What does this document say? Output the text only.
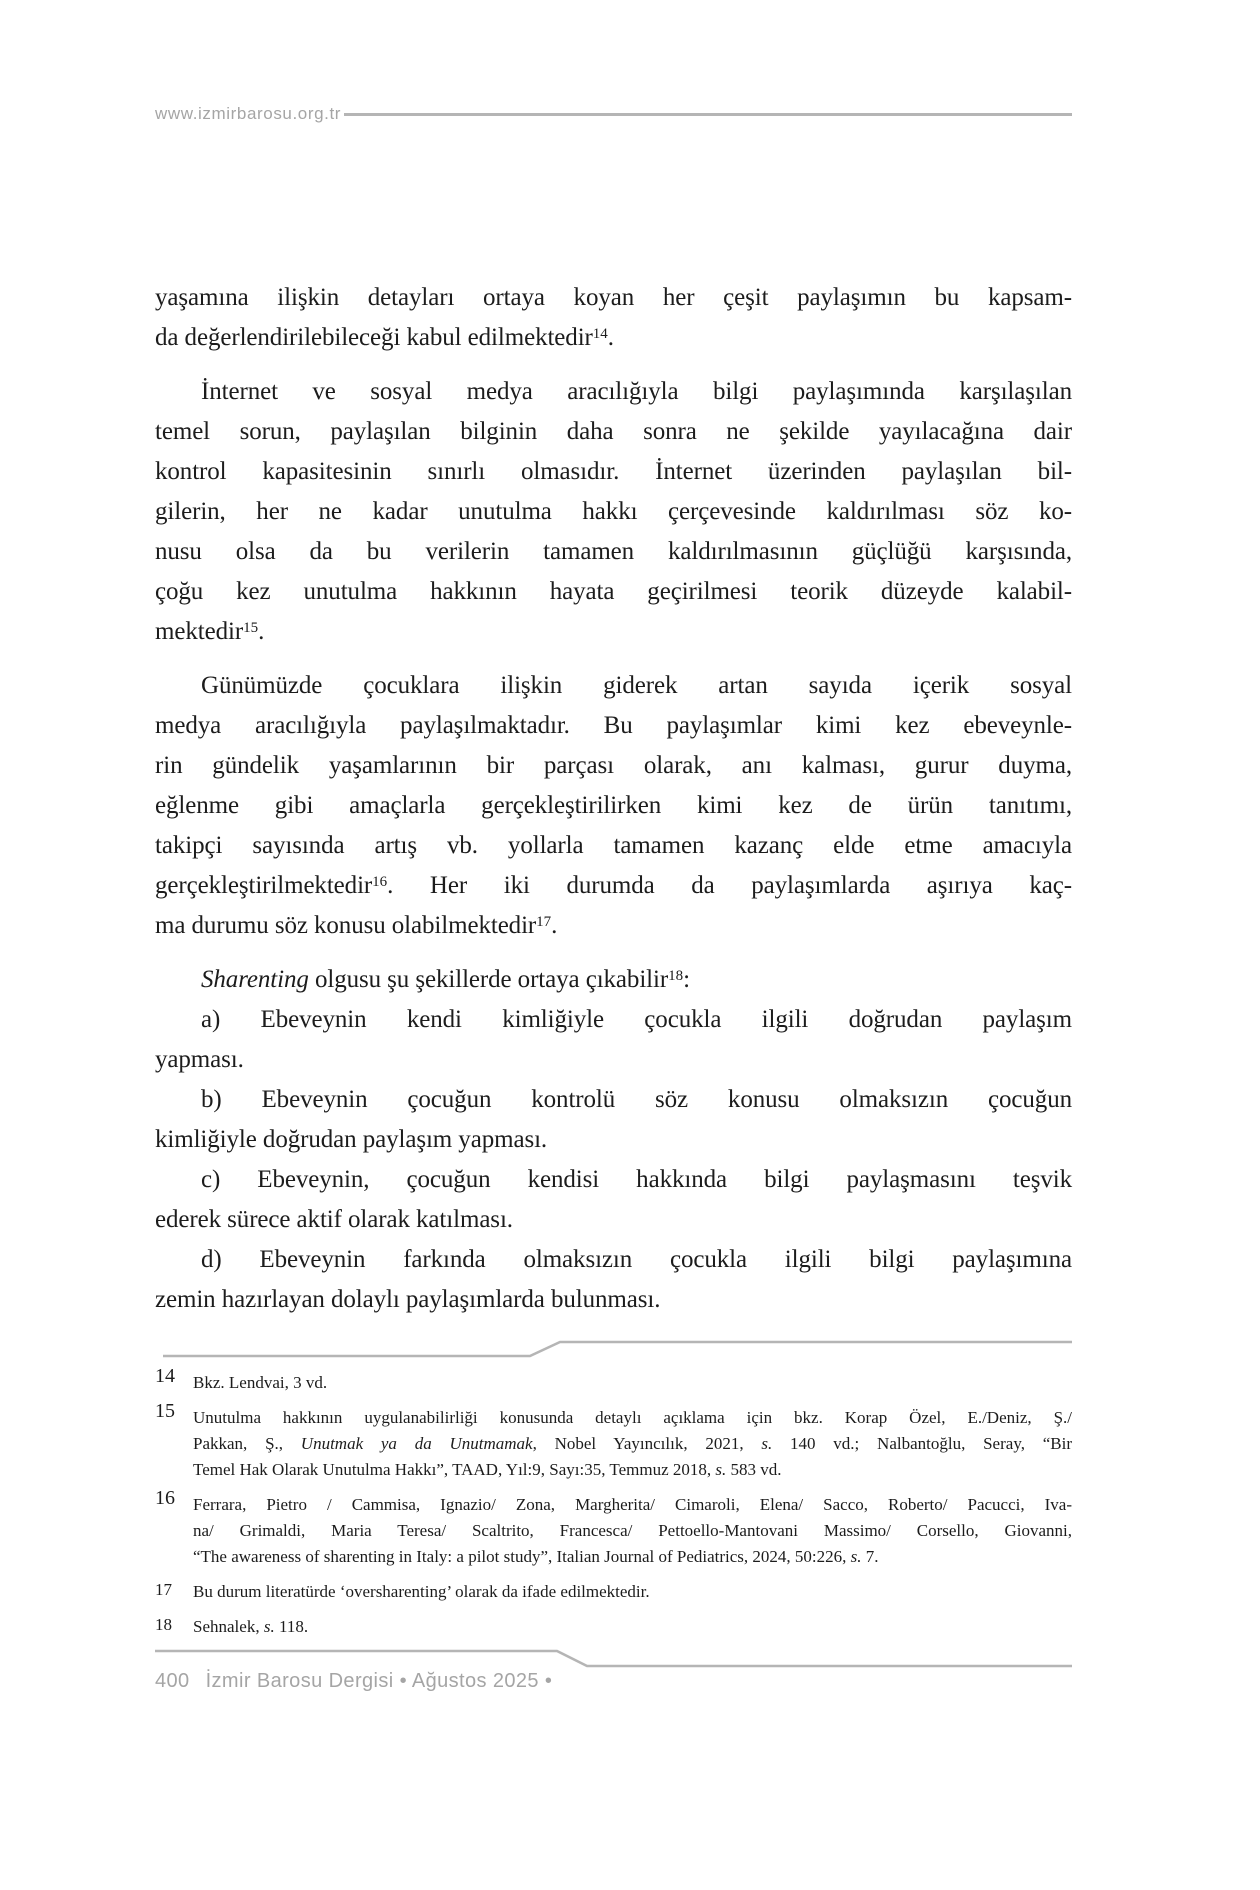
www.izmirbarosu.org.tr
yaşamına ilişkin detayları ortaya koyan her çeşit paylaşımın bu kapsam-
da değerlendirilebileceği kabul edilmektedir$^{14}$.
İnternet ve sosyal medya aracılığıyla bilgi paylaşımında karşılaşılan
temel sorun, paylaşılan bilginin daha sonra ne şekilde yayılacağına dair
kontrol kapasitesinin sınırlı olmasıdır. İnternet üzerinden paylaşılan bil-
gilerin, her ne kadar unutulma hakkı çerçevesinde kaldırılması söz ko-
nusu olsa da bu verilerin tamamen kaldırılmasının güçlüğü karşısında,
çoğu kez unutulma hakkının hayata geçirilmesi teorik düzeyde kalabil-
mektedir$^{15}$.
Günümüzde çocuklara ilişkin giderek artan sayıda içerik sosyal
medya aracılığıyla paylaşılmaktadır. Bu paylaşımlar kimi kez ebeveynle-
rin gündelik yaşamlarının bir parçası olarak, anı kalması, gurur duyma,
eğlenme gibi amaçlarla gerçekleştirilirken kimi kez de ürün tanıtımı,
takipçi sayısında artış vb. yollarla tamamen kazanç elde etme amacıyla
gerçekleştirilmektedir$^{16}$. Her iki durumda da paylaşımlarda aşırıya kaç-
ma durumu söz konusu olabilmektedir$^{17}$.
Sharenting olgusu şu şekillerde ortaya çıkabilir$^{18}$:
a) Ebeveynin kendi kimliğiyle çocukla ilgili doğrudan paylaşım
yapması.
b) Ebeveynin çocuğun kontrolü söz konusu olmaksızın çocuğun
kimliğiyle doğrudan paylaşım yapması.
c) Ebeveynin, çocuğun kendisi hakkında bilgi paylaşmasını teşvik
ederek sürece aktif olarak katılması.
d) Ebeveynin farkında olmaksızın çocukla ilgili bilgi paylaşımına
zemin hazırlayan dolaylı paylaşımlarda bulunması.
14 Bkz. Lendvai, 3 vd.
15 Unutulma hakkının uygulanabilirliği konusunda detaylı açıklama için bkz. Korap Özel, E./Deniz, Ş./
Pakkan, Ş., Unutmak ya da Unutmamak, Nobel Yayıncılık, 2021, s. 140 vd.; Nalbantoğlu, Seray, “Bir
Temel Hak Olarak Unutulma Hakkı”, TAAD, Yıl:9, Sayı:35, Temmuz 2018, s. 583 vd.
16 Ferrara, Pietro / Cammisa, Ignazio/ Zona, Margherita/ Cimaroli, Elena/ Sacco, Roberto/ Pacucci, Iva-
na/ Grimaldi, Maria Teresa/ Scaltrito, Francesca/ Pettoello-Mantovani Massimo/ Corsello, Giovanni,
“The awareness of sharenting in Italy: a pilot study”, Italian Journal of Pediatrics, 2024, 50:226, s. 7.
17 Bu durum literatürde ‘oversharenting’ olarak da ifade edilmektedir.
18 Sehnalek, s. 118.
400 İzmir Barosu Dergisi • Ağustos 2025 •
